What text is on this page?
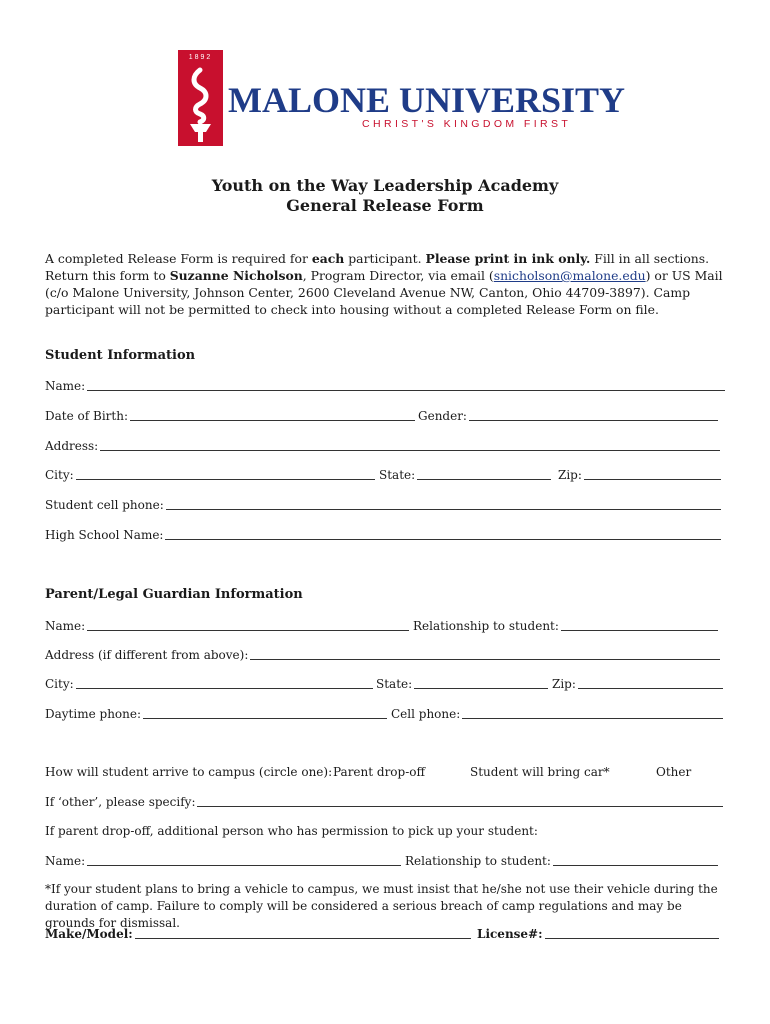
1892
MALONE UNIVERSITY
CHRIST'S KINGDOM FIRST
Youth on the Way Leadership Academy
General Release Form
A completed Release Form is required for each participant. Please print in ink only. Fill in all sections. Return this form to Suzanne Nicholson, Program Director, via email (snicholson@malone.edu) or US Mail (c/o Malone University, Johnson Center, 2600 Cleveland Avenue NW, Canton, Ohio 44709-3897). Camp participant will not be permitted to check into housing without a completed Release Form on file.
Student Information
Name:
Date of Birth:	Gender:
Address:
City:	State:	Zip:
Student cell phone:
High School Name:
Parent/Legal Guardian Information
Name:	Relationship to student:
Address (if different from above):
City:	State:	Zip:
Daytime phone:	Cell phone:
How will student arrive to campus (circle one): Parent drop-off	Student will bring car*	Other
If ‘other’, please specify:
If parent drop-off, additional person who has permission to pick up your student:
Name:	Relationship to student:
*If your student plans to bring a vehicle to campus, we must insist that he/she not use their vehicle during the duration of camp. Failure to comply will be considered a serious breach of camp regulations and may be grounds for dismissal.
Make/Model:	License#:
